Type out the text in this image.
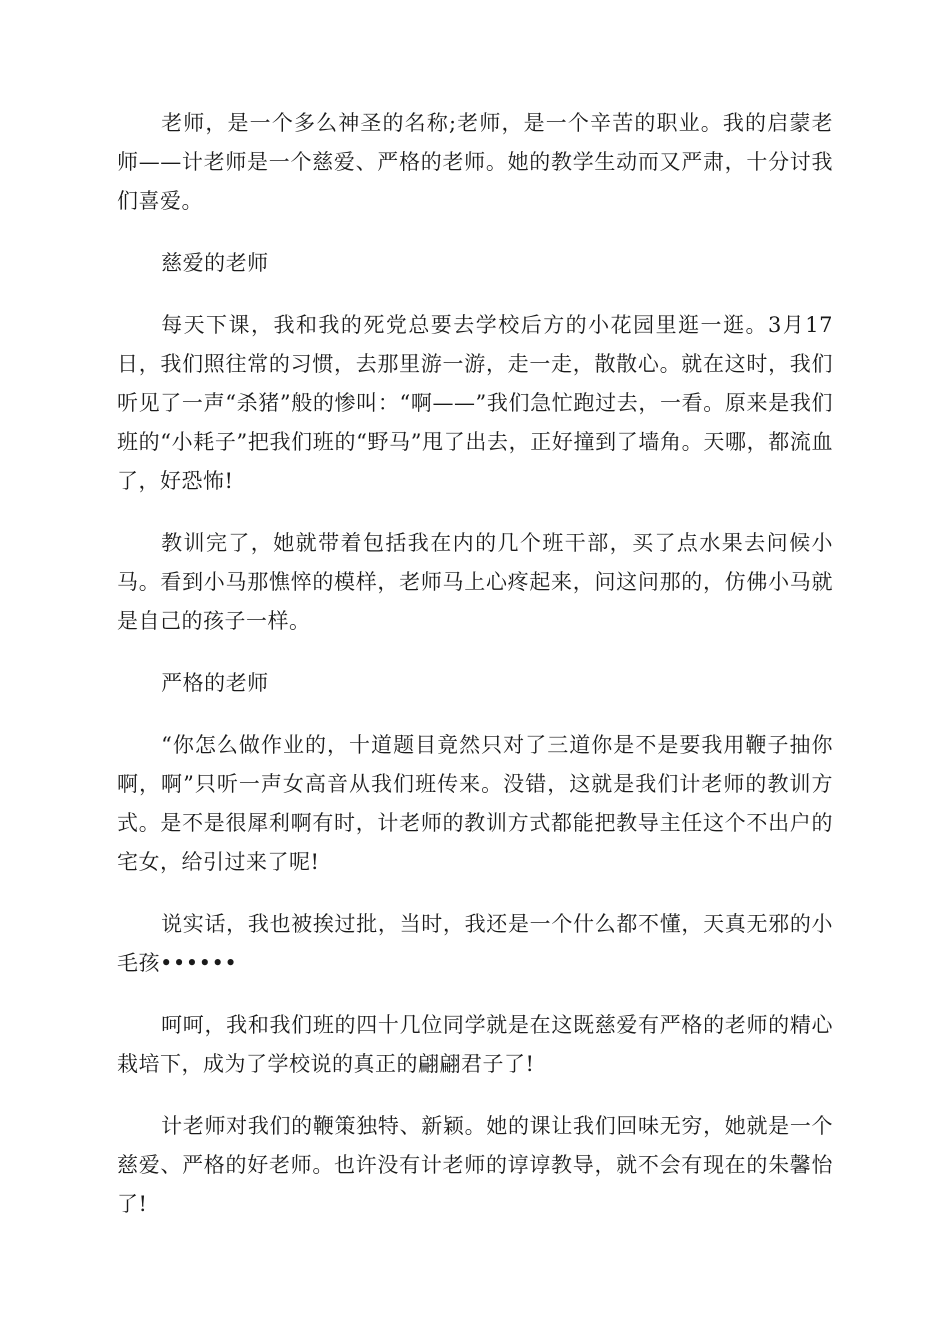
老师，是一个多么神圣的名称;老师，是一个辛苦的职业。我的启蒙老师——计老师是一个慈爱、严格的老师。她的教学生动而又严肃，十分讨我们喜爱。

慈爱的老师

每天下课，我和我的死党总要去学校后方的小花园里逛一逛。3月17日，我们照往常的习惯，去那里游一游，走一走，散散心。就在这时，我们听见了一声“杀猪”般的惨叫：“啊——”我们急忙跑过去，一看。原来是我们班的“小耗子”把我们班的“野马”甩了出去，正好撞到了墙角。天哪，都流血了，好恐怖!

教训完了，她就带着包括我在内的几个班干部，买了点水果去问候小马。看到小马那憔悴的模样，老师马上心疼起来，问这问那的，仿佛小马就是自己的孩子一样。

严格的老师

“你怎么做作业的，十道题目竟然只对了三道你是不是要我用鞭子抽你啊，啊”只听一声女高音从我们班传来。没错，这就是我们计老师的教训方式。是不是很犀利啊有时，计老师的教训方式都能把教导主任这个不出户的宅女，给引过来了呢!

说实话，我也被挨过批，当时，我还是一个什么都不懂，天真无邪的小毛孩••••••

呵呵，我和我们班的四十几位同学就是在这既慈爱有严格的老师的精心栽培下，成为了学校说的真正的翩翩君子了!

计老师对我们的鞭策独特、新颖。她的课让我们回味无穷，她就是一个慈爱、严格的好老师。也许没有计老师的谆谆教导，就不会有现在的朱馨怡了!
